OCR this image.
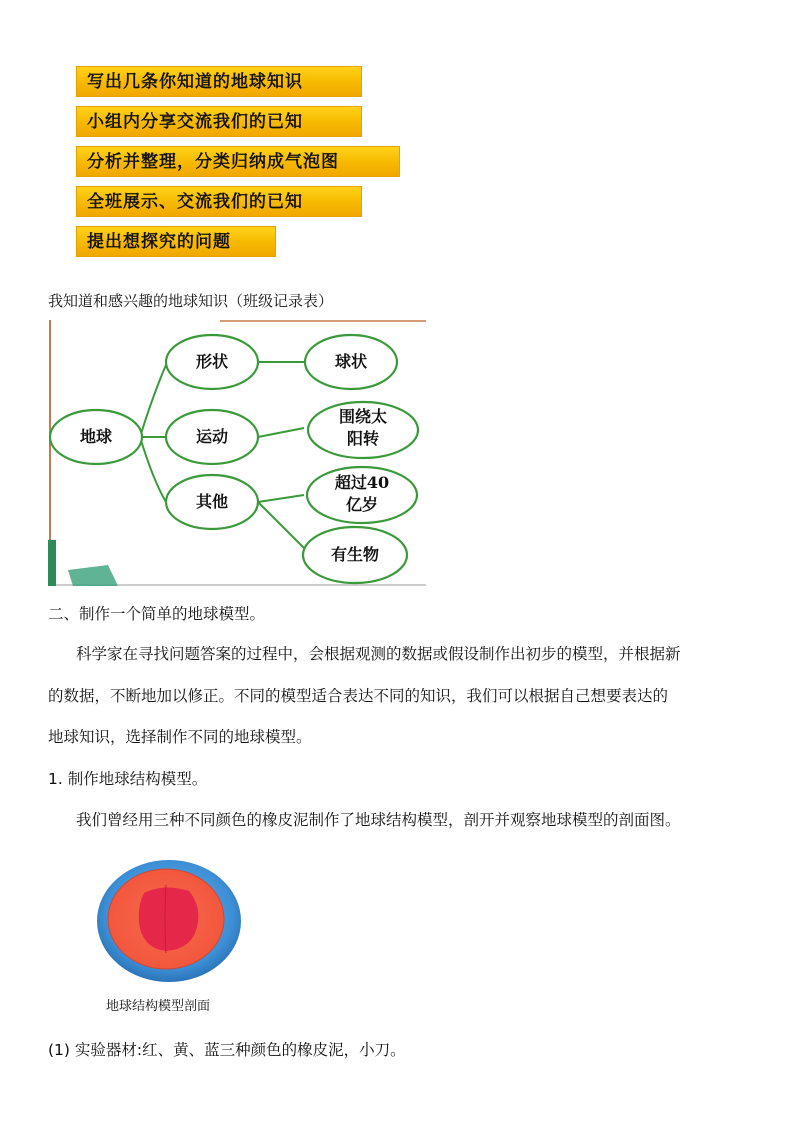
写出几条你知道的地球知识
小组内分享交流我们的已知
分析并整理，分类归纳成气泡图
全班展示、交流我们的已知
提出想探究的问题
我知道和感兴趣的地球知识（班级记录表）
地球
形状
运动
其他
球状
围绕太
阳转
超过40
亿岁
有生物
二、制作一个简单的地球模型。
科学家在寻找问题答案的过程中，会根据观测的数据或假设制作出初步的模型，并根据新
的数据，不断地加以修正。不同的模型适合表达不同的知识，我们可以根据自己想要表达的
地球知识，选择制作不同的地球模型。
1. 制作地球结构模型。
我们曾经用三种不同颜色的橡皮泥制作了地球结构模型，剖开并观察地球模型的剖面图。
地球结构模型剖面
(1) 实验器材:红、黄、蓝三种颜色的橡皮泥，小刀。
